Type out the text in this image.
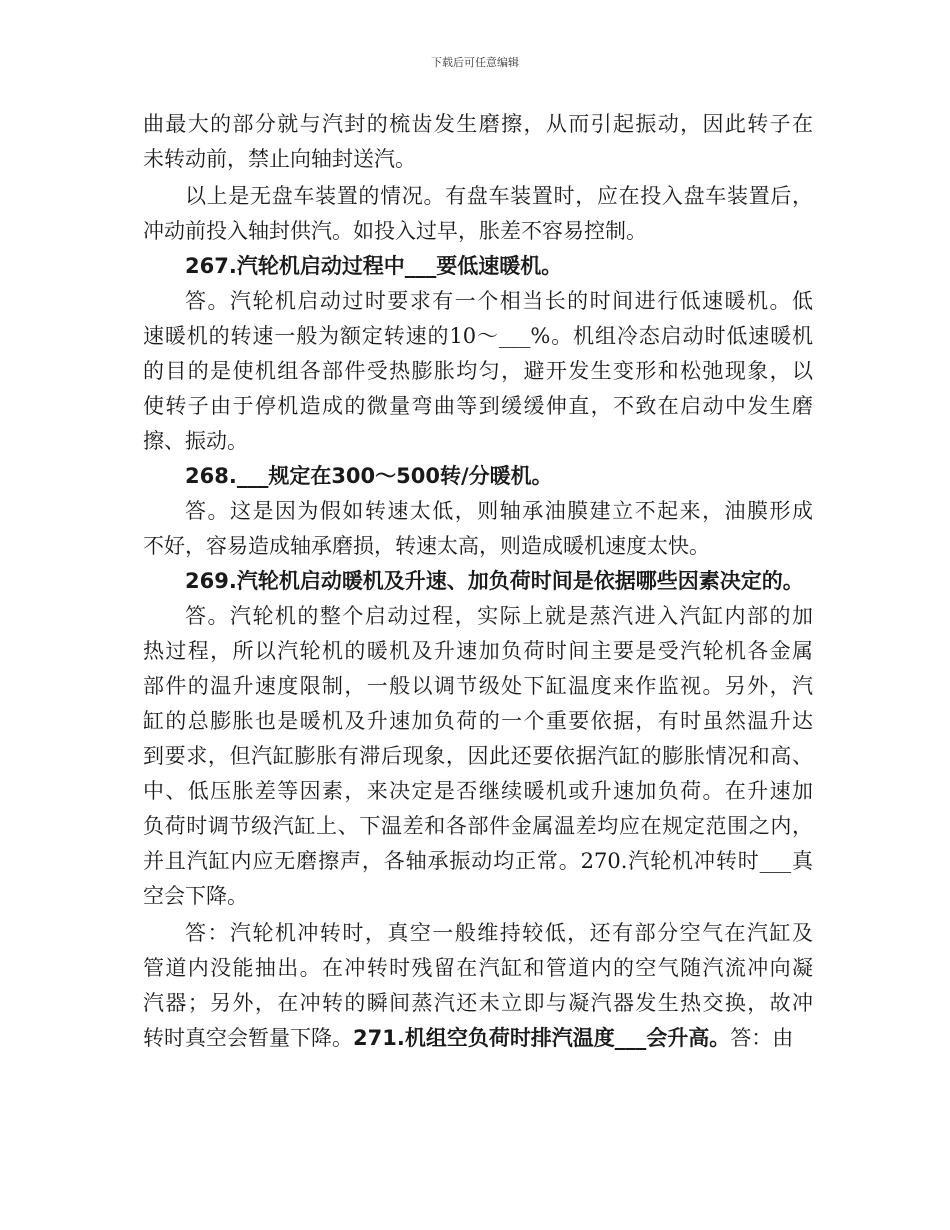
下载后可任意编辑
曲最大的部分就与汽封的梳齿发生磨擦，从而引起振动，因此转子在
未转动前，禁止向轴封送汽。
以上是无盘车装置的情况。有盘车装置时，应在投入盘车装置后，
冲动前投入轴封供汽。如投入过早，胀差不容易控制。
267.汽轮机启动过程中___要低速暖机。
答。汽轮机启动过时要求有一个相当长的时间进行低速暖机。低
速暖机的转速一般为额定转速的10～___%。机组冷态启动时低速暖机
的目的是使机组各部件受热膨胀均匀，避开发生变形和松弛现象，以
使转子由于停机造成的微量弯曲等到缓缓伸直，不致在启动中发生磨
擦、振动。
268.___规定在300～500转/分暖机。
答。这是因为假如转速太低，则轴承油膜建立不起来，油膜形成
不好，容易造成轴承磨损，转速太高，则造成暖机速度太快。
269.汽轮机启动暖机及升速、加负荷时间是依据哪些因素决定的。
答。汽轮机的整个启动过程，实际上就是蒸汽进入汽缸内部的加
热过程，所以汽轮机的暖机及升速加负荷时间主要是受汽轮机各金属
部件的温升速度限制，一般以调节级处下缸温度来作监视。另外，汽
缸的总膨胀也是暖机及升速加负荷的一个重要依据，有时虽然温升达
到要求，但汽缸膨胀有滞后现象，因此还要依据汽缸的膨胀情况和高、
中、低压胀差等因素，来决定是否继续暖机或升速加负荷。在升速加
负荷时调节级汽缸上、下温差和各部件金属温差均应在规定范围之内，
并且汽缸内应无磨擦声，各轴承振动均正常。270.汽轮机冲转时___真
空会下降。
答：汽轮机冲转时，真空一般维持较低，还有部分空气在汽缸及
管道内没能抽出。在冲转时残留在汽缸和管道内的空气随汽流冲向凝
汽器；另外，在冲转的瞬间蒸汽还未立即与凝汽器发生热交换，故冲
转时真空会暂量下降。271.机组空负荷时排汽温度___会升高。答：由
